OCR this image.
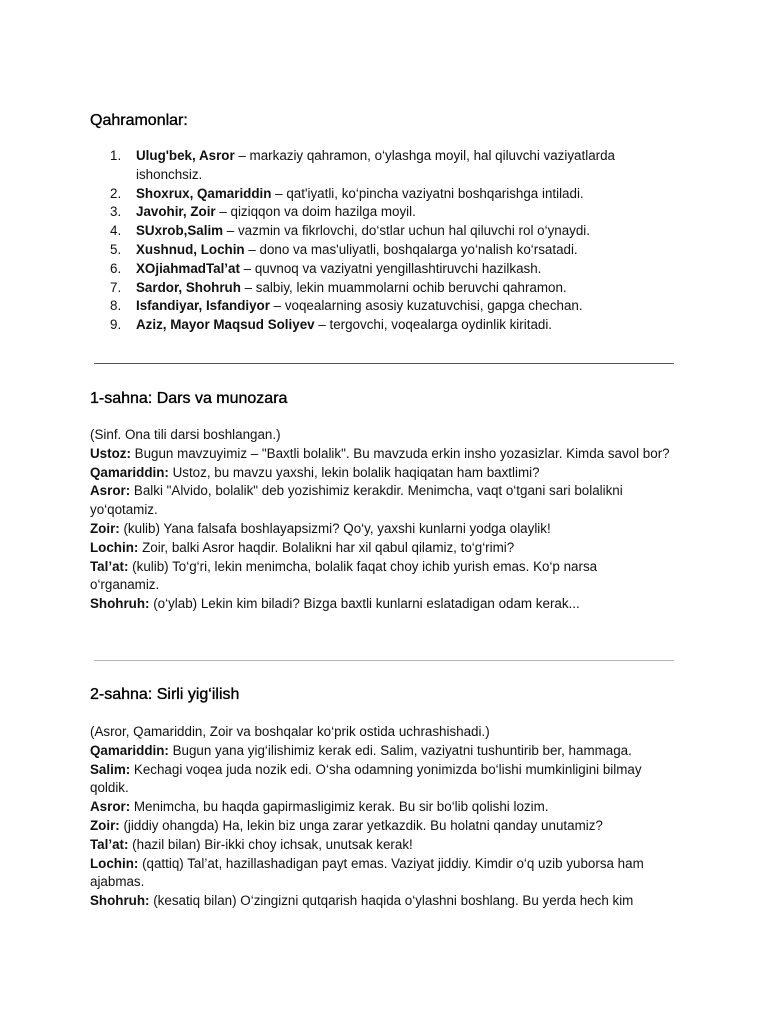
Qahramonlar:
1. Ulug'bek, Asror – markaziy qahramon, o‘ylashga moyil, hal qiluvchi vaziyatlarda ishonchsiz.
2. Shoxrux, Qamariddin – qat'iyatli, ko‘pincha vaziyatni boshqarishga intiladi.
3. Javohir, Zoir – qiziqqon va doim hazilga moyil.
4. SUxrob,Salim – vazmin va fikrlovchi, do‘stlar uchun hal qiluvchi rol o‘ynaydi.
5. Xushnud, Lochin – dono va mas'uliyatli, boshqalarga yo‘nalish ko‘rsatadi.
6. XOjiahmadTal’at – quvnoq va vaziyatni yengillashtiruvchi hazilkash.
7. Sardor, Shohruh – salbiy, lekin muammolarni ochib beruvchi qahramon.
8. Isfandiyar, Isfandiyor – voqealarning asosiy kuzatuvchisi, gapga chechan.
9. Aziz, Mayor Maqsud Soliyev – tergovchi, voqealarga oydinlik kiritadi.
1-sahna: Dars va munozara

(Sinf. Ona tili darsi boshlangan.)

Ustoz: Bugun mavzuyimiz – "Baxtli bolalik". Bu mavzuda erkin insho yozasizlar. Kimda savol bor?

Qamariddin: Ustoz, bu mavzu yaxshi, lekin bolalik haqiqatan ham baxtlimi?

Asror: Balki "Alvido, bolalik" deb yozishimiz kerakdir. Menimcha, vaqt o‘tgani sari bolalikni yo‘qotamiz.

Zoir: (kulib) Yana falsafa boshlayapsizmi? Qo‘y, yaxshi kunlarni yodga olaylik!

Lochin: Zoir, balki Asror haqdir. Bolalikni har xil qabul qilamiz, to‘g‘rimi?

Tal’at: (kulib) To‘g‘ri, lekin menimcha, bolalik faqat choy ichib yurish emas. Ko‘p narsa o‘rganamiz.

Shohruh: (o‘ylab) Lekin kim biladi? Bizga baxtli kunlarni eslatadigan odam kerak...

2-sahna: Sirli yig‘ilish

(Asror, Qamariddin, Zoir va boshqalar ko‘prik ostida uchrashishadi.)

Qamariddin: Bugun yana yig‘ilishimiz kerak edi. Salim, vaziyatni tushuntirib ber, hammaga.

Salim: Kechagi voqea juda nozik edi. O‘sha odamning yonimizda bo‘lishi mumkinligini bilmay qoldik.

Asror: Menimcha, bu haqda gapirmasligimiz kerak. Bu sir bo‘lib qolishi lozim.

Zoir: (jiddiy ohangda) Ha, lekin biz unga zarar yetkazdik. Bu holatni qanday unutamiz?

Tal’at: (hazil bilan) Bir-ikki choy ichsak, unutsak kerak!

Lochin: (qattiq) Tal’at, hazillashadigan payt emas. Vaziyat jiddiy. Kimdir o‘q uzib yuborsa ham ajabmas.

Shohruh: (kesatiq bilan) O‘zingizni qutqarish haqida o‘ylashni boshlang. Bu yerda hech kim
